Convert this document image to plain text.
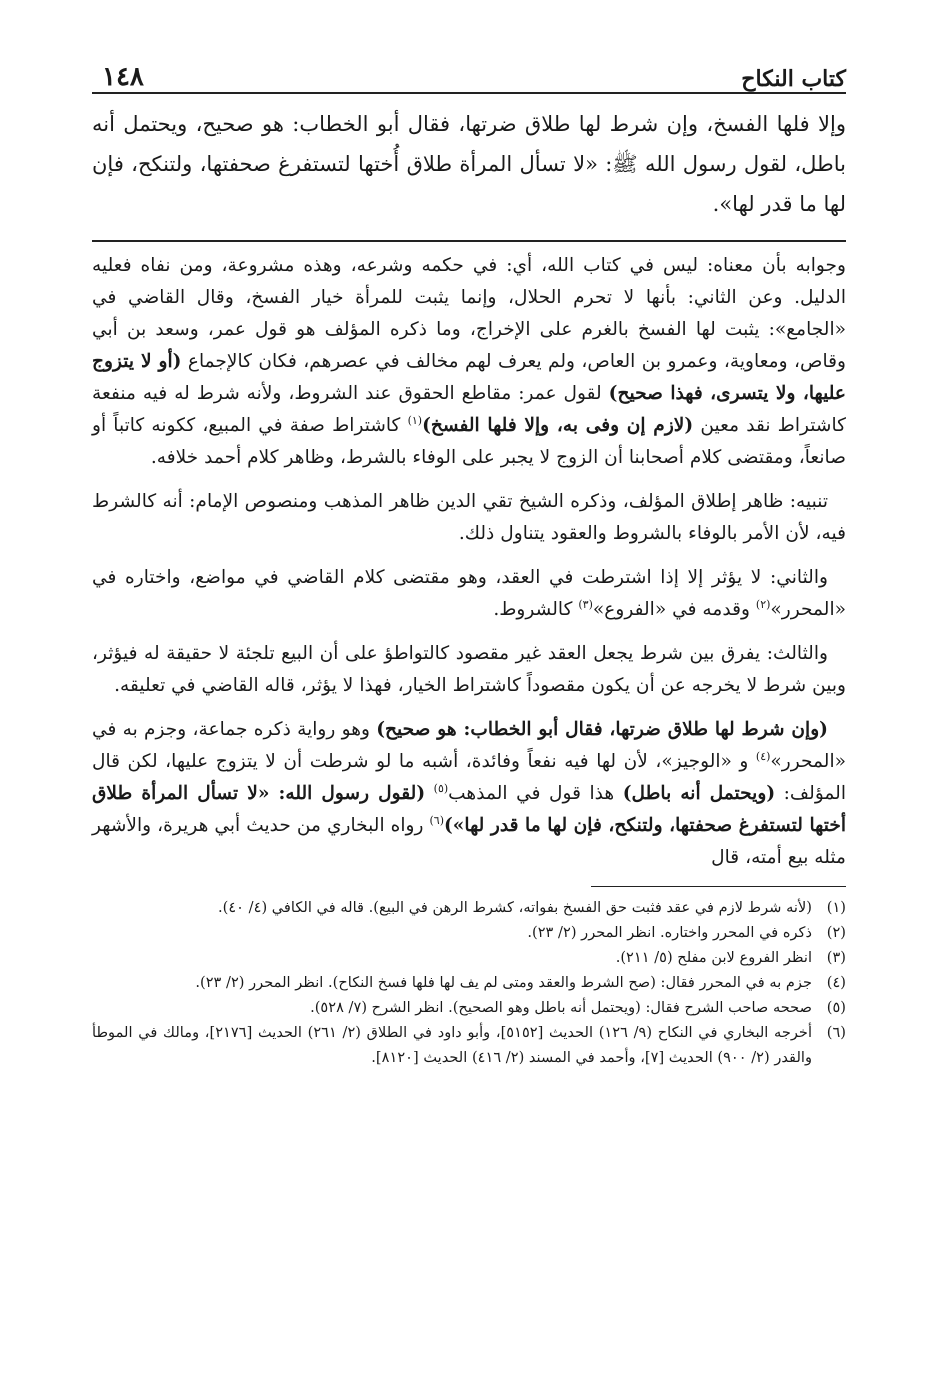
كتاب النكاح
١٤٨
وإلا فلها الفسخ، وإن شرط لها طلاق ضرتها، فقال أبو الخطاب: هو صحيح، ويحتمل أنه باطل، لقول رسول الله ﷺ: «لا تسأل المرأة طلاق أُختها لتستفرغ صحفتها، ولتنكح، فإن لها ما قدر لها».

وجوابه بأن معناه: ليس في كتاب الله، أي: في حكمه وشرعه، وهذه مشروعة، ومن نفاه فعليه الدليل. وعن الثاني: بأنها لا تحرم الحلال، وإنما يثبت للمرأة خيار الفسخ، وقال القاضي في «الجامع»: يثبت لها الفسخ بالغرم على الإخراج، وما ذكره المؤلف هو قول عمر، وسعد بن أبي وقاص، ومعاوية، وعمرو بن العاص، ولم يعرف لهم مخالف في عصرهم، فكان كالإجماع (أو لا يتزوج عليها، ولا يتسرى، فهذا صحيح) لقول عمر: مقاطع الحقوق عند الشروط، ولأنه شرط له فيه منفعة كاشتراط نقد معين (لازم إن وفى به، وإلا فلها الفسخ)$^{(١)}$ كاشتراط صفة في المبيع، ككونه كاتباً أو صانعاً، ومقتضى كلام أصحابنا أن الزوج لا يجبر على الوفاء بالشرط، وظاهر كلام أحمد خلافه.

تنبيه: ظاهر إطلاق المؤلف، وذكره الشيخ تقي الدين ظاهر المذهب ومنصوص الإمام: أنه كالشرط فيه، لأن الأمر بالوفاء بالشروط والعقود يتناول ذلك.

والثاني: لا يؤثر إلا إذا اشترطت في العقد، وهو مقتضى كلام القاضي في مواضع، واختاره في «المحرر»$^{(٢)}$ وقدمه في «الفروع»$^{(٣)}$ كالشروط.

والثالث: يفرق بين شرط يجعل العقد غير مقصود كالتواطؤ على أن البيع تلجئة لا حقيقة له فيؤثر، وبين شرط لا يخرجه عن أن يكون مقصوداً كاشتراط الخيار، فهذا لا يؤثر، قاله القاضي في تعليقه.

(وإن شرط لها طلاق ضرتها، فقال أبو الخطاب: هو صحيح) وهو رواية ذكره جماعة، وجزم به في «المحرر»$^{(٤)}$ و «الوجيز»، لأن لها فيه نفعاً وفائدة، أشبه ما لو شرطت أن لا يتزوج عليها، لكن قال المؤلف: (ويحتمل أنه باطل) هذا قول في المذهب$^{(٥)}$ (لقول رسول الله: «لا تسأل المرأة طلاق أختها لتستفرغ صحفتها، ولتنكح، فإن لها ما قدر لها»)$^{(٦)}$ رواه البخاري من حديث أبي هريرة، والأشهر مثله بيع أمته، قال

(١)
(لأنه شرط لازم في عقد فثبت حق الفسخ بفواته، كشرط الرهن في البيع). قاله في الكافي (٤/ ٤٠).
(٢)
ذكره في المحرر واختاره. انظر المحرر (٢/ ٢٣).
(٣)
انظر الفروع لابن مفلح (٥/ ٢١١).
(٤)
جزم به في المحرر فقال: (صح الشرط والعقد ومتى لم يف لها فلها فسخ النكاح). انظر المحرر (٢/ ٢٣).
(٥)
صححه صاحب الشرح فقال: (ويحتمل أنه باطل وهو الصحيح). انظر الشرح (٧/ ٥٢٨).
(٦)
أخرجه البخاري في النكاح (٩/ ١٢٦) الحديث [٥١٥٢]، وأبو داود في الطلاق (٢/ ٢٦١) الحديث [٢١٧٦]، ومالك في الموطأ والقدر (٢/ ٩٠٠) الحديث [٧]، وأحمد في المسند (٢/ ٤١٦) الحديث [٨١٢٠].
